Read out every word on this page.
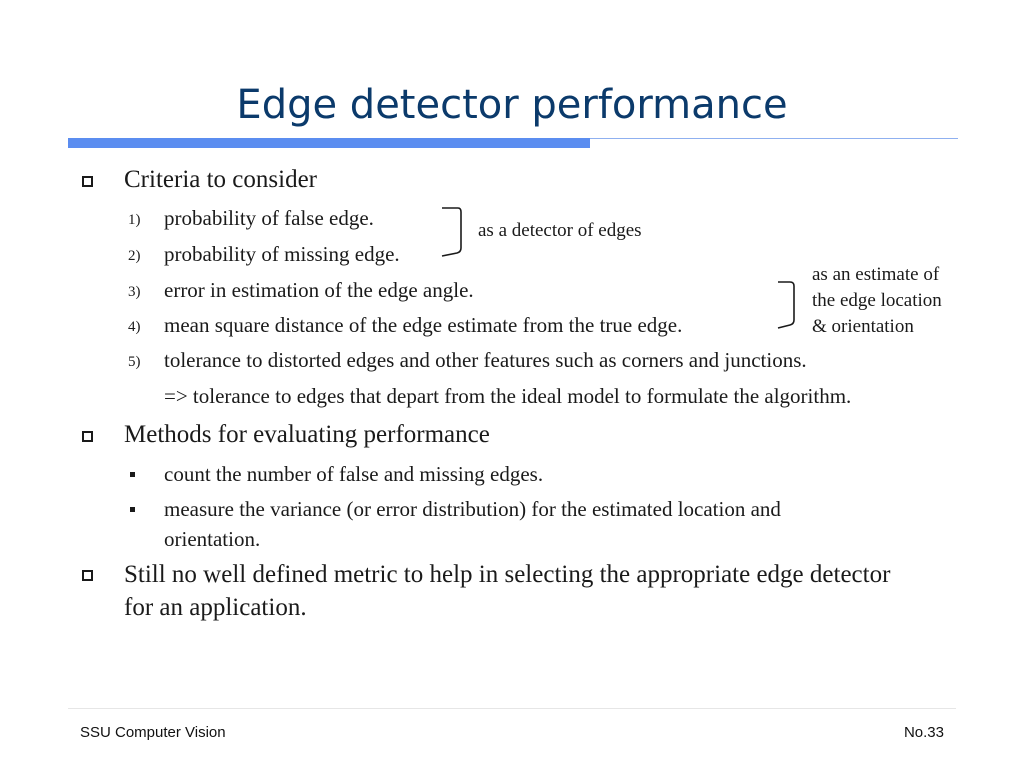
Edge detector performance
Criteria to consider
1) probability of false edge.
2) probability of missing edge.
3) error in estimation of the edge angle.
4) mean square distance of the edge estimate from the true edge.
5) tolerance to distorted edges and other features such as corners and junctions.
=> tolerance to edges that depart from the ideal model to formulate the algorithm.
as a detector of edges
as an estimate of
the edge location
& orientation
Methods for evaluating performance
count the number of false and missing edges.
measure the variance (or error distribution) for the estimated location and
orientation.
Still no well defined metric to help in selecting the appropriate edge detector
for an application.
SSU Computer Vision	No.33
